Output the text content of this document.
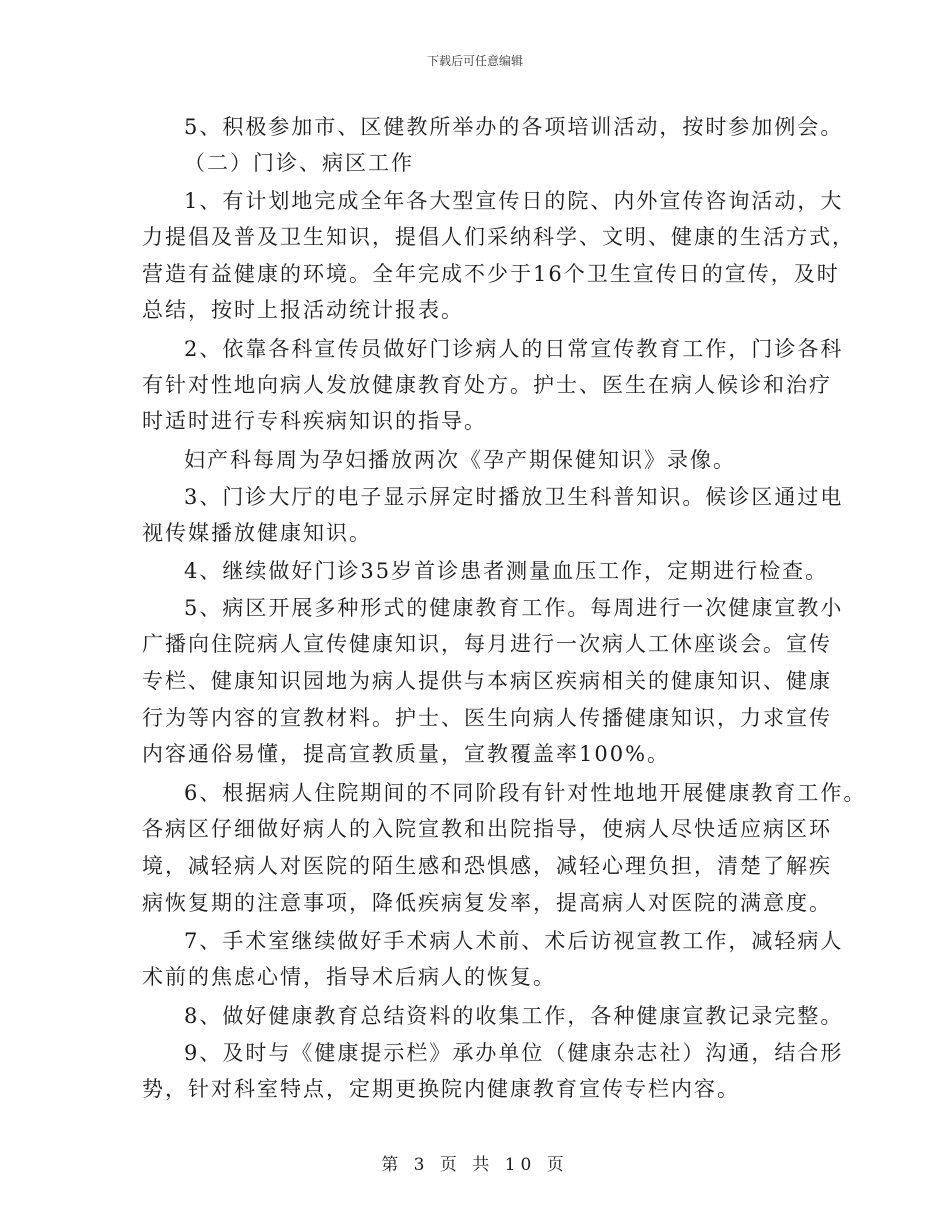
下载后可任意编辑
5、积极参加市、区健教所举办的各项培训活动，按时参加例会。
（二）门诊、病区工作
1、有计划地完成全年各大型宣传日的院、内外宣传咨询活动，大
力提倡及普及卫生知识，提倡人们采纳科学、文明、健康的生活方式，
营造有益健康的环境。全年完成不少于16个卫生宣传日的宣传，及时
总结，按时上报活动统计报表。
2、依靠各科宣传员做好门诊病人的日常宣传教育工作，门诊各科
有针对性地向病人发放健康教育处方。护士、医生在病人候诊和治疗
时适时进行专科疾病知识的指导。
妇产科每周为孕妇播放两次《孕产期保健知识》录像。
3、门诊大厅的电子显示屏定时播放卫生科普知识。候诊区通过电
视传媒播放健康知识。
4、继续做好门诊35岁首诊患者测量血压工作，定期进行检查。
5、病区开展多种形式的健康教育工作。每周进行一次健康宣教小
广播向住院病人宣传健康知识，每月进行一次病人工休座谈会。宣传
专栏、健康知识园地为病人提供与本病区疾病相关的健康知识、健康
行为等内容的宣教材料。护士、医生向病人传播健康知识，力求宣传
内容通俗易懂，提高宣教质量，宣教覆盖率100%。
6、根据病人住院期间的不同阶段有针对性地地开展健康教育工作。
各病区仔细做好病人的入院宣教和出院指导，使病人尽快适应病区环
境，减轻病人对医院的陌生感和恐惧感，减轻心理负担，清楚了解疾
病恢复期的注意事项，降低疾病复发率，提高病人对医院的满意度。
7、手术室继续做好手术病人术前、术后访视宣教工作，减轻病人
术前的焦虑心情，指导术后病人的恢复。
8、做好健康教育总结资料的收集工作，各种健康宣教记录完整。
9、及时与《健康提示栏》承办单位（健康杂志社）沟通，结合形
势，针对科室特点，定期更换院内健康教育宣传专栏内容。
第 3 页 共 10 页
